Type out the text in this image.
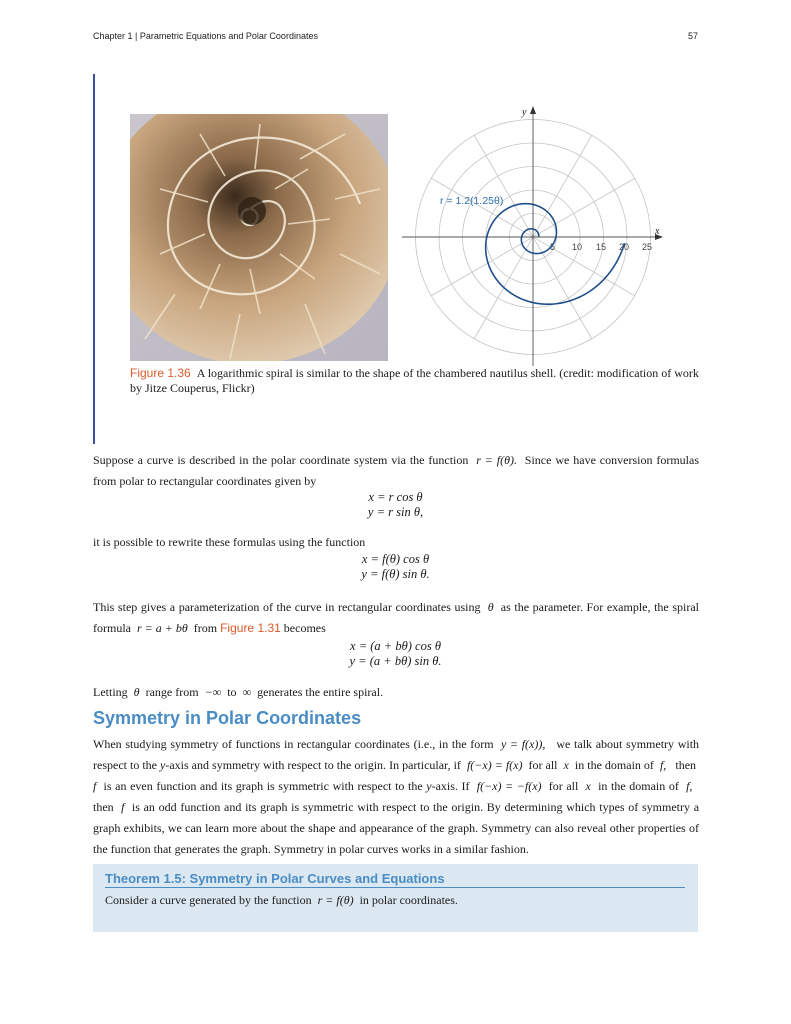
Chapter 1 | Parametric Equations and Polar Coordinates	57
y
x
5 10 15 20 25
r = 1.2(1.25θ)
Figure 1.36 A logarithmic spiral is similar to the shape of the chambered nautilus shell. (credit: modification of work by Jitze Couperus, Flickr)
Suppose a curve is described in the polar coordinate system via the function r = f(θ). Since we have conversion formulas from polar to rectangular coordinates given by
x = r cos θ
y = r sin θ,
it is possible to rewrite these formulas using the function
x = f(θ) cos θ
y = f(θ) sin θ.
This step gives a parameterization of the curve in rectangular coordinates using θ as the parameter. For example, the spiral formula r = a + bθ from Figure 1.31 becomes
x = (a + bθ) cos θ
y = (a + bθ) sin θ.
Letting θ range from −∞ to ∞ generates the entire spiral.
Symmetry in Polar Coordinates
When studying symmetry of functions in rectangular coordinates (i.e., in the form y = f(x)), we talk about symmetry with respect to the y-axis and symmetry with respect to the origin. In particular, if f(−x) = f(x) for all x in the domain of f, then  f is an even function and its graph is symmetric with respect to the y-axis. If f(−x) = −f(x) for all x in the domain of f,   then f is an odd function and its graph is symmetric with respect to the origin. By determining which types of symmetry a graph exhibits, we can learn more about the shape and appearance of the graph. Symmetry can also reveal other properties of the function that generates the graph. Symmetry in polar curves works in a similar fashion.
Theorem 1.5: Symmetry in Polar Curves and Equations
Consider a curve generated by the function r = f(θ) in polar coordinates.
